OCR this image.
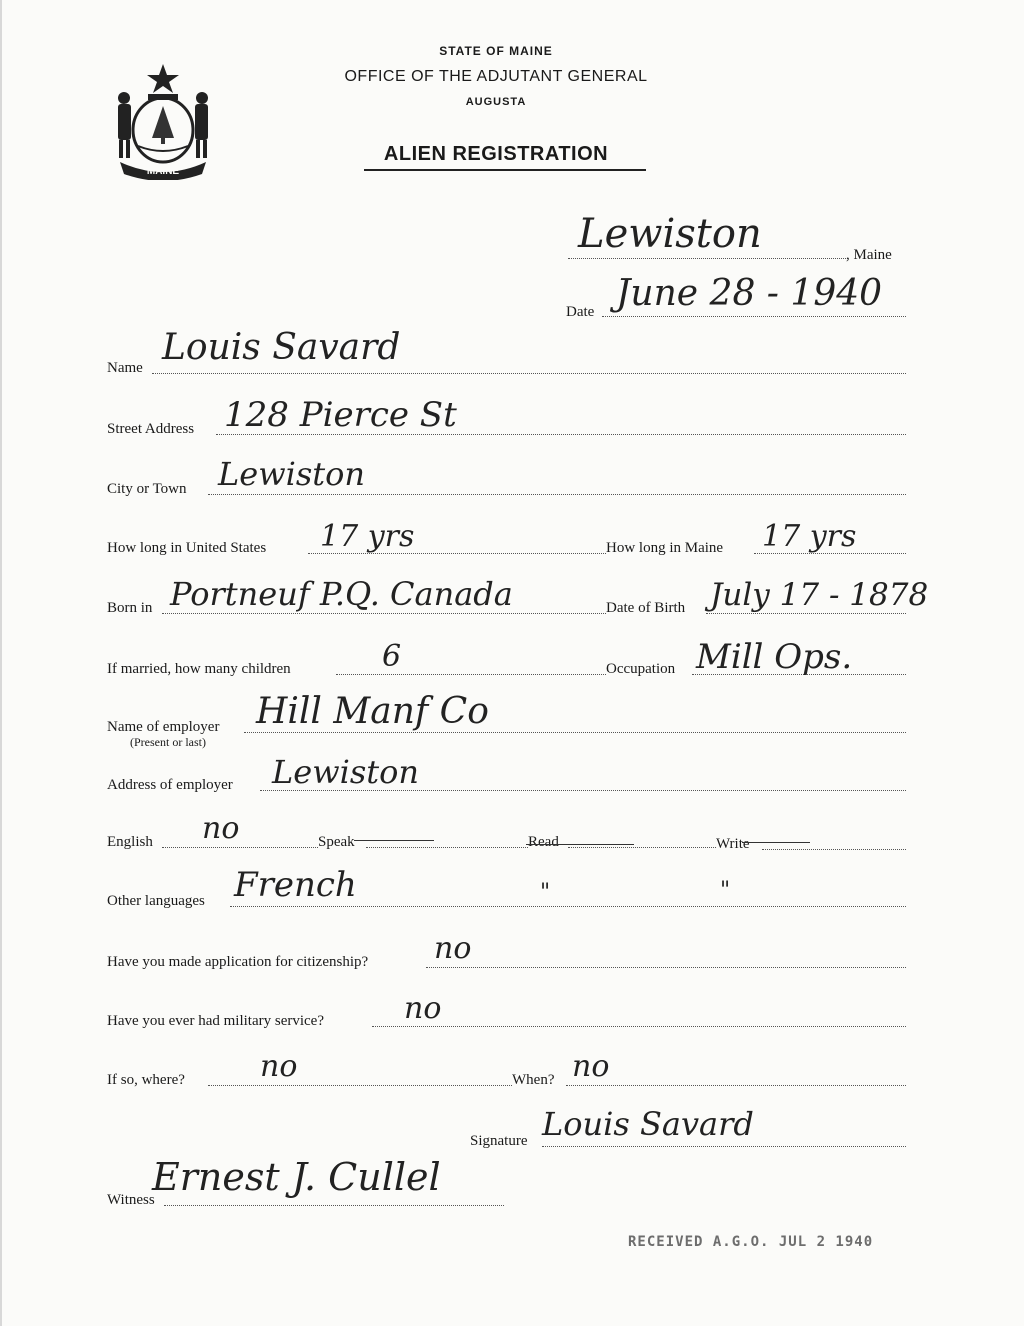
MAINE
STATE OF MAINE
OFFICE OF THE ADJUTANT GENERAL
AUGUSTA
ALIEN REGISTRATION
Lewiston	, Maine
Date June 28 - 1940
Name Louis Savard
Street Address 128 Pierce St
City or Town Lewiston
How long in United States 17 yrs	How long in Maine 17 yrs
Born in Portneuf P.Q. Canada	Date of Birth July 17 - 1878
If married, how many children	6	Occupation Mill Ops.
Name of employer
(Present or last)
Hill Manf Co
Address of employer Lewiston
English no	Speak	Read	Write
Other languages French	"	"
Have you made application for citizenship? no
Have you ever had military service?	no
If so, where?	no	When? no
Signature Louis Savard
Witness
Ernest J. Cullel
RECEIVED A.G.O. JUL 2 1940
